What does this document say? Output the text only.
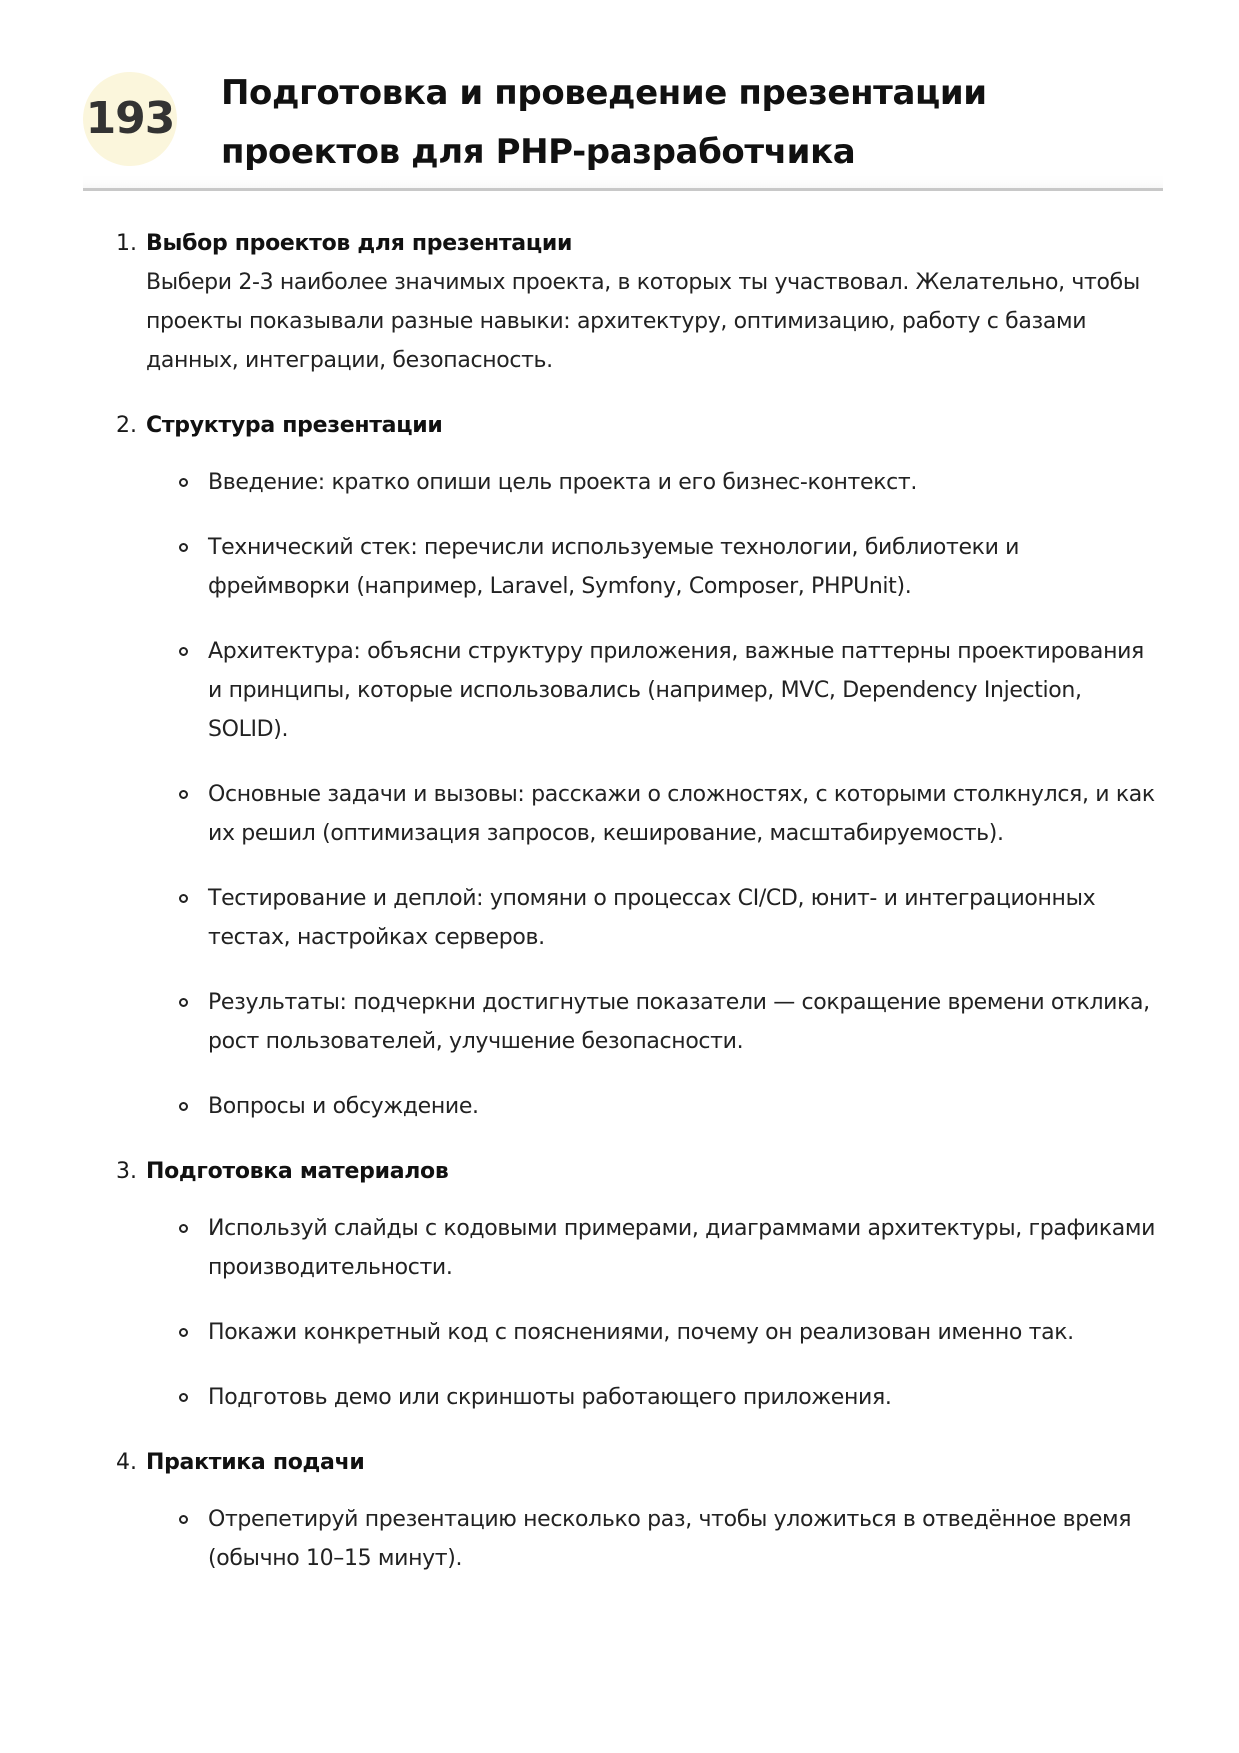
193 Подготовка и проведение презентации проектов для PHP-разработчика
1. Выбор проектов для презентации

Выбери 2-3 наиболее значимых проекта, в которых ты участвовал. Желательно, чтобы проекты показывали разные навыки: архитектуру, оптимизацию, работу с базами данных, интеграции, безопасность.

2. Структура презентации
Введение: кратко опиши цель проекта и его бизнес-контекст.
Технический стек: перечисли используемые технологии, библиотеки и фреймворки (например, Laravel, Symfony, Composer, PHPUnit).
Архитектура: объясни структуру приложения, важные паттерны проектирования и принципы, которые использовались (например, MVC, Dependency Injection, SOLID).
Основные задачи и вызовы: расскажи о сложностях, с которыми столкнулся, и как их решил (оптимизация запросов, кеширование, масштабируемость).
Тестирование и деплой: упомяни о процессах CI/CD, юнит- и интеграционных тестах, настройках серверов.
Результаты: подчеркни достигнутые показатели — сокращение времени отклика, рост пользователей, улучшение безопасности.
Вопросы и обсуждение.
3. Подготовка материалов
Используй слайды с кодовыми примерами, диаграммами архитектуры, графиками производительности.
Покажи конкретный код с пояснениями, почему он реализован именно так.
Подготовь демо или скриншоты работающего приложения.
4. Практика подачи
Отрепетируй презентацию несколько раз, чтобы уложиться в отведённое время (обычно 10–15 минут).
